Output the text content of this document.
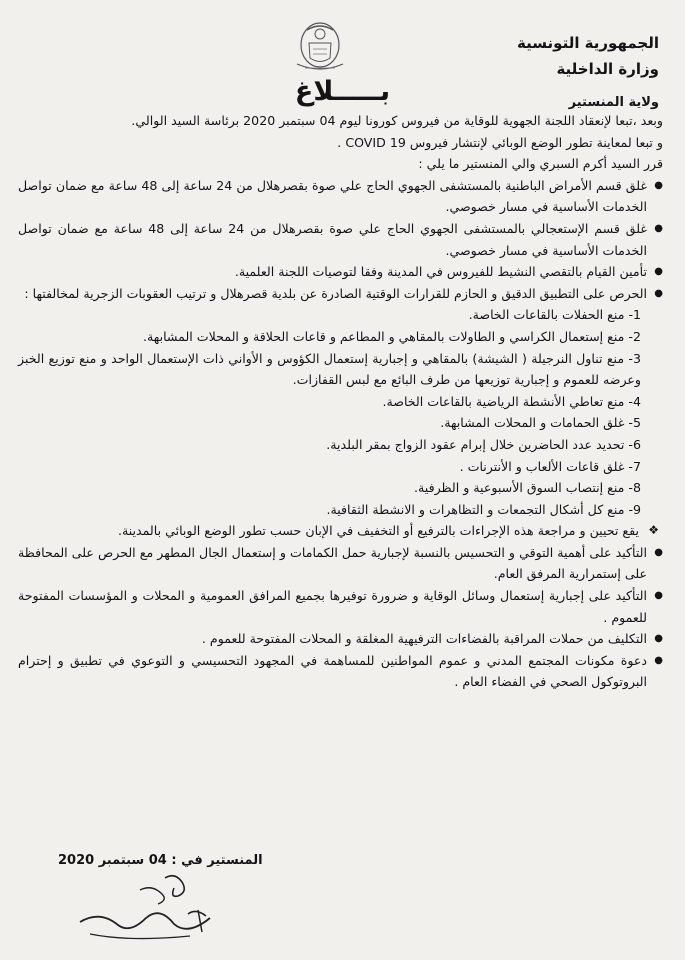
الجمهورية التونسية
وزارة الداخلية
بـــــلاغ	ولاية المنستير

وبعد ،تبعا لإنعقاد اللجنة الجهوية للوقاية من فيروس كورونا ليوم 04 سبتمبر 2020 برئاسة السيد الوالي.

و تبعا لمعاينة تطور الوضع الوبائي لإنتشار فيروس COVID 19 .

قرر السيد أكرم السبري والي المنستير ما يلي :

● غلق قسم الأمراض الباطنية بالمستشفى الجهوي الحاج علي صوة بقصرهلال من 24 ساعة إلى 48 ساعة مع ضمان تواصل الخدمات الأساسية في مسار خصوصي.

● غلق قسم الإستعجالي بالمستشفى الجهوي الحاج علي صوة بقصرهلال من 24 ساعة إلى 48 ساعة مع ضمان تواصل الخدمات الأساسية في مسار خصوصي.

● تأمين القيام بالتقصي النشيط للفيروس في المدينة وفقا لتوصيات اللجنة العلمية.

● الحرص على التطبيق الدقيق و الحازم للقرارات الوقتية الصادرة عن بلدية قصرهلال و ترتيب العقوبات الزجرية لمخالفتها :

1- منع الحفلات بالقاعات الخاصة.

2- منع إستعمال الكراسي و الطاولات بالمقاهي و المطاعم و قاعات الحلاقة و المحلات المشابهة.

3- منع تناول النرجيلة ( الشيشة) بالمقاهي و إجبارية إستعمال الكؤوس و الأواني ذات الإستعمال الواحد و منع توزيع الخبز وعرضه للعموم و إجبارية توزيعها من طرف البائع مع لبس القفازات.

4- منع تعاطي الأنشطة الرياضية بالقاعات الخاصة.

5- غلق الحمامات و المحلات المشابهة.

6- تحديد عدد الحاضرين خلال إبرام عقود الزواج بمقر البلدية.

7- غلق قاعات الألعاب و الأنترنات .

8- منع إنتصاب السوق الأسبوعية و الظرفية.

9- منع كل أشكال التجمعات و التظاهرات و الانشطة الثقافية.

❖ يقع تحيين و مراجعة هذه الإجراءات بالترفيع أو التخفيف في الإبان حسب تطور الوضع الوبائي بالمدينة.

● التأكيد على أهمية التوقي و التحسيس بالنسبة لإجبارية حمل الكمامات و إستعمال الجال المطهر مع الحرص على المحافظة على إستمرارية المرفق العام.

● التأكيد على إجبارية إستعمال وسائل الوقاية و ضرورة توفيرها بجميع المرافق العمومية و المحلات و المؤسسات المفتوحة للعموم .

● التكليف من حملات المراقبة بالفضاءات الترفيهية المغلقة و المحلات المفتوحة للعموم .

● دعوة مكونات المجتمع المدني و عموم المواطنين للمساهمة في المجهود التحسيسي و التوعوي في تطبيق و إحترام البروتوكول الصحي في الفضاء العام .

المنستير في : 04 سبتمبر 2020
